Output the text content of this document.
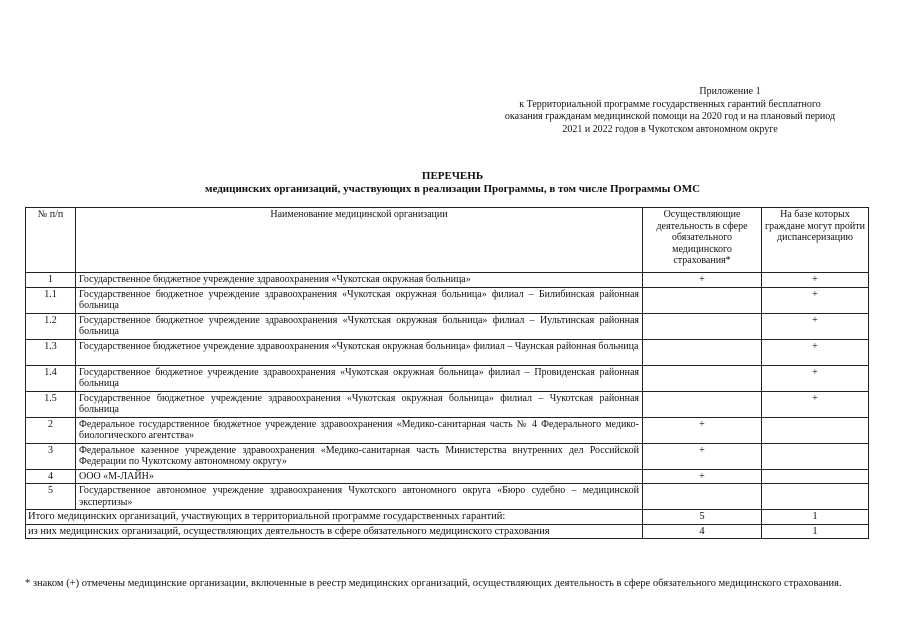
Приложение 1
к Территориальной программе государственных гарантий бесплатного
оказания гражданам медицинской помощи на 2020 год и на плановый период
2021 и 2022 годов в Чукотском автономном округе
ПЕРЕЧЕНЬ
медицинских организаций, участвующих в реализации Программы, в том числе Программы ОМС
№ п/п	Наименование медицинской организации	Осуществляющие деятельность в сфере обязательного медицинского страхования*	На базе которых граждане могут пройти диспансеризацию
1	Государственное бюджетное учреждение здравоохранения «Чукотская окружная больница»	+	+
1.1	Государственное бюджетное учреждение здравоохранения «Чукотская окружная больница» филиал – Билибинская районная больница		+
1.2	Государственное бюджетное учреждение здравоохранения «Чукотская окружная больница» филиал – Иультинская районная больница		+
1.3	Государственное бюджетное учреждение здравоохранения «Чукотская окружная больница» филиал – Чаунская районная больница		+
1.4	Государственное бюджетное учреждение здравоохранения «Чукотская окружная больница» филиал – Провиденская районная больница		+
1.5	Государственное бюджетное учреждение здравоохранения «Чукотская окружная больница» филиал – Чукотская районная больница		+
2	Федеральное государственное бюджетное учреждение здравоохранения «Медико-санитарная часть № 4 Федерального медико-биологического агентства»	+	
3	Федеральное казенное учреждение здравоохранения «Медико-санитарная часть Министерства внутренних дел Российской Федерации по Чукотскому автономному округу»	+	
4	ООО «М-ЛАЙН»	+	
5	Государственное автономное учреждение здравоохранения Чукотского автономного округа «Бюро судебно – медицинской экспертизы»		
Итого медицинских организаций, участвующих в территориальной программе государственных гарантий:		5	1
из них медицинских организаций, осуществляющих деятельность в сфере обязательного медицинского страхования		4	1
* знаком (+) отмечены медицинские организации, включенные в реестр медицинских организаций, осуществляющих деятельность в сфере обязательного медицинского страхования.
